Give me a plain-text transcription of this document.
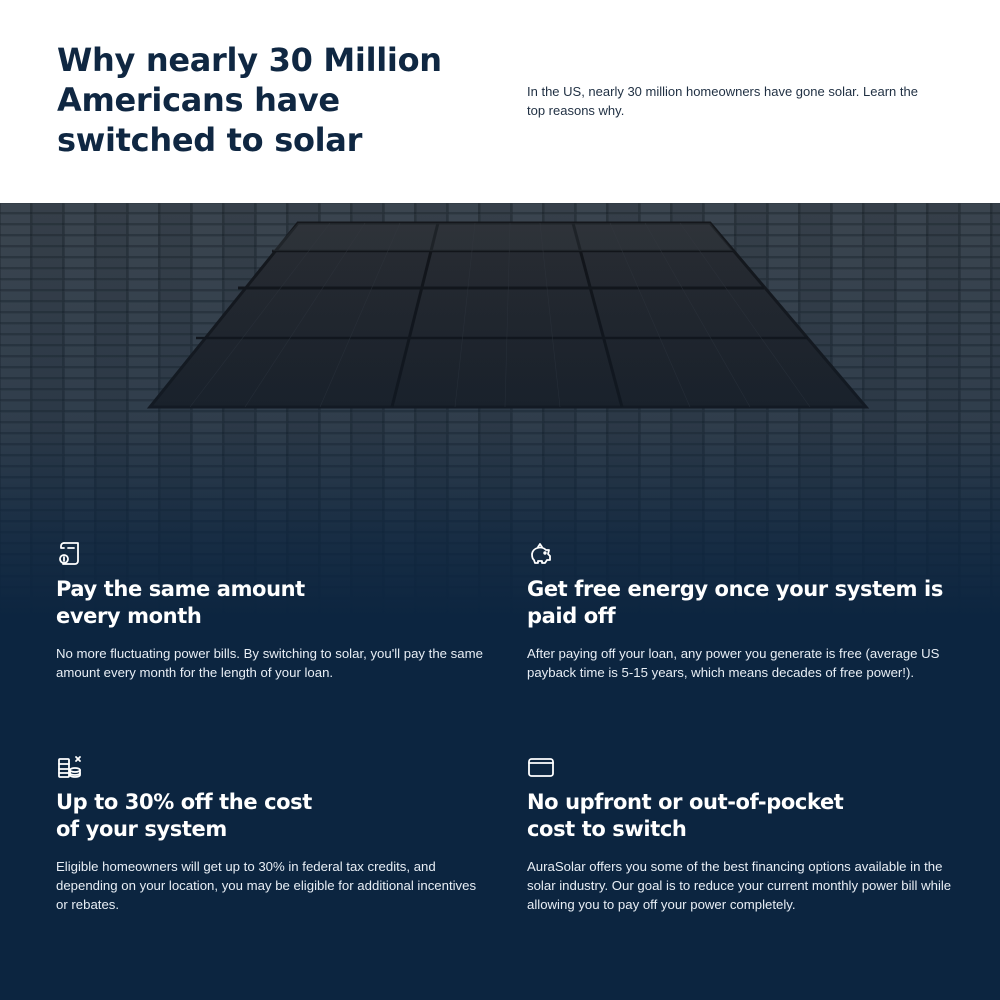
Why nearly 30 Million Americans have switched to solar

In the US, nearly 30 million homeowners have gone solar. Learn the top reasons why.

Pay the same amount every month

No more fluctuating power bills. By switching to solar, you'll pay the same amount every month for the length of your loan.

Get free energy once your system is paid off

After paying off your loan, any power you generate is free (average US payback time is 5-15 years, which means decades of free power!).

Up to 30% off the cost of your system

Eligible homeowners will get up to 30% in federal tax credits, and depending on your location, you may be eligible for additional incentives or rebates.

No upfront or out-of-pocket cost to switch

AuraSolar offers you some of the best financing options available in the solar industry. Our goal is to reduce your current monthly power bill while allowing you to pay off your power completely.
